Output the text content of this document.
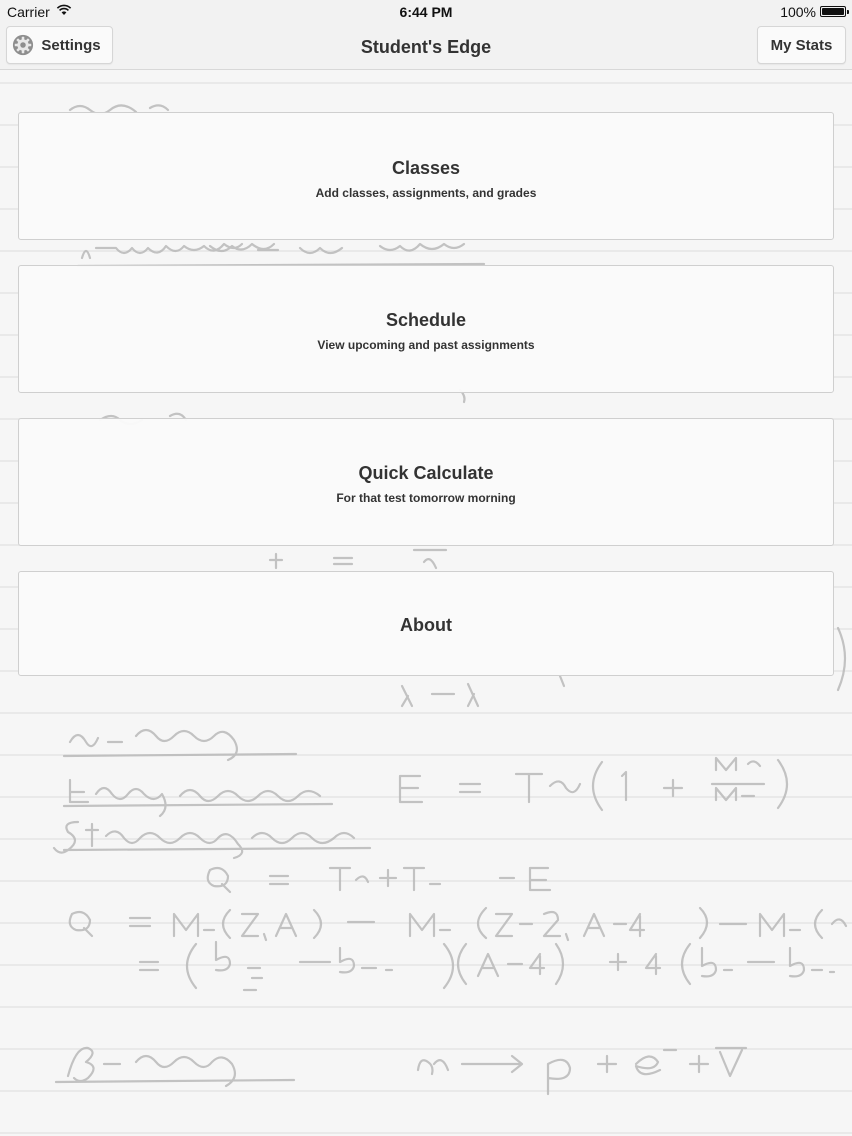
Carrier	6:44 PM	100%
Settings	Student's Edge	My Stats
Classes
Add classes, assignments, and grades
Schedule
View upcoming and past assignments
Quick Calculate
For that test tomorrow morning
About
